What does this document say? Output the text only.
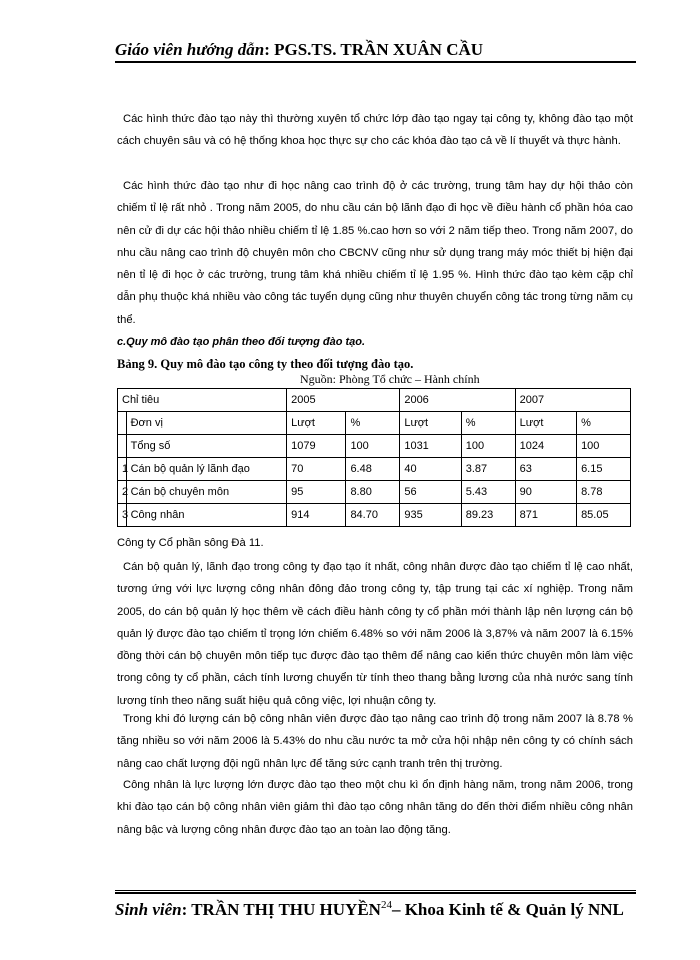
Giáo viên hướng dẫn: PGS.TS. TRẦN XUÂN CẦU
Các hình thức đào tạo này thì thường xuyên tổ chức lớp đào tạo ngay tại công ty, không đào tạo một cách chuyên sâu và có hệ thống khoa học thực sự cho các khóa đào tạo cả về lí thuyết và thực hành.
Các hình thức đào tạo như đi học nâng cao trình độ ở các trường, trung tâm hay dự hội thảo còn chiếm tỉ lệ rất nhỏ . Trong năm 2005, do nhu cầu cán bộ lãnh đạo đi học về điều hành cổ phần hóa cao nên cử đi dự các hội thảo nhiều chiếm tỉ lệ 1.85 %.cao hơn so với 2 năm tiếp theo. Trong năm 2007, do nhu cầu nâng cao trình độ chuyên môn cho CBCNV cũng như sử dụng trang máy móc thiết bị hiện đại nên tỉ lệ đi học ở các trường, trung tâm khá nhiều chiếm tỉ lệ 1.95 %. Hình thức đào tạo kèm cặp chỉ dẫn phụ thuộc khá nhiều vào công tác tuyển dụng cũng như thuyên chuyển công tác trong từng năm cụ thể.
c.Quy mô đào tạo phân theo đối tượng đào tạo.
Bảng 9. Quy mô đào tạo công ty theo đối tượng đào tạo.
Nguồn: Phòng Tổ chức – Hành chính
Chỉ tiêu		2005		2006		2007	
	Đơn vị	Lượt	%	Lượt	%	Lượt	%
	Tổng số	1079	100	1031	100	1024	100
1	Cán bộ quản lý lãnh đạo	70	6.48	40	3.87	63	6.15
2	Cán bộ chuyên môn	95	8.80	56	5.43	90	8.78
3	Công nhân	914	84.70	935	89.23	871	85.05
Công ty Cổ phần sông Đà 11.
Cán bộ quản lý, lãnh đạo trong công ty đạo tạo ít nhất, công nhân được đào tạo chiếm tỉ lệ cao nhất, tương ứng với lực lượng công nhân đông đảo trong công ty, tập trung tại các xí nghiệp. Trong năm 2005, do cán bộ quản lý học thêm về cách điều hành công ty cổ phần mới thành lập nên lượng cán bộ quản lý được đào tạo chiếm tỉ trọng lớn chiếm 6.48% so với năm 2006 là 3,87% và năm 2007 là 6.15% đồng thời cán bộ chuyên môn tiếp tục được đào tạo thêm để nâng cao kiến thức chuyên môn làm việc trong công ty cổ phần, cách tính lương chuyển từ tính theo thang bằng lương của nhà nước sang tính lương tính theo năng suất hiệu quả công việc, lợi nhuận công ty.
Trong khi đó lượng cán bộ công nhân viên được đào tạo nâng cao trình độ trong năm 2007 là 8.78 % tăng nhiều so với năm 2006 là 5.43% do nhu cầu nước ta mở cửa hội nhập nên công ty có chính sách nâng cao chất lượng đội ngũ nhân lực để tăng sức cạnh tranh trên thị trường.
Công nhân là lực lượng lớn được đào tạo theo một chu kì ổn định hàng năm, trong năm 2006, trong khi đào tạo cán bộ công nhân viên giảm thì đào tạo công nhân tăng do đến thời điểm nhiều công nhân nâng bậc và lượng công nhân được đào tạo an toàn lao động tăng.
Sinh viên: TRẦN THỊ THU HUYỀN$^{24}$– Khoa Kinh tế & Quản lý NNL
